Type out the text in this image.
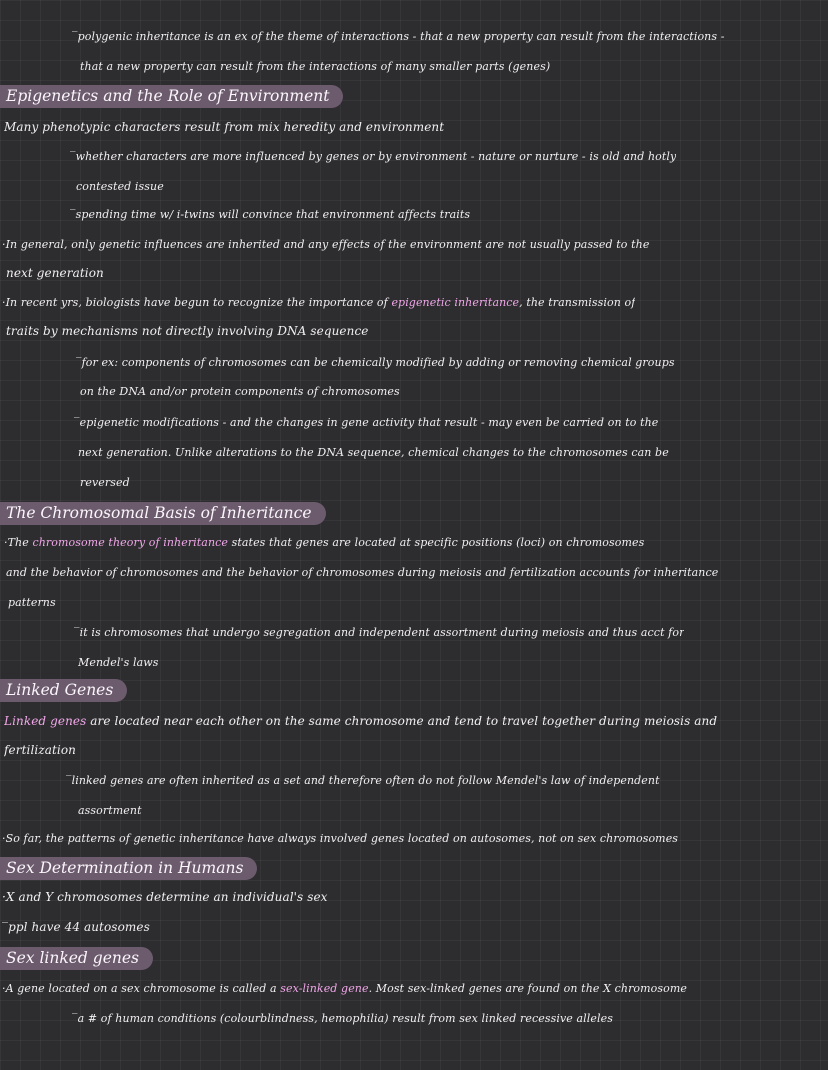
‾polygenic inheritance is an ex of the theme of interactions - that a new property can result from the interactions -
that a new property can result from the interactions of many smaller parts (genes)
Epigenetics and the Role of Environment
Many phenotypic characters result from mix heredity and environment
‾whether characters are more influenced by genes or by environment - nature or nurture - is old and hotly
contested issue
‾spending time w/ i-twins will convince that environment affects traits
·In general, only genetic influences are inherited and any effects of the environment are not usually passed to the
next generation
·In recent yrs, biologists have begun to recognize the importance of epigenetic inheritance, the transmission of
traits by mechanisms not directly involving DNA sequence
‾for ex: components of chromosomes can be chemically modified by adding or removing chemical groups
on the DNA and/or protein components of chromosomes
‾epigenetic modifications - and the changes in gene activity that result - may even be carried on to the
next generation. Unlike alterations to the DNA sequence, chemical changes to the chromosomes can be
reversed
The Chromosomal Basis of Inheritance
·The chromosome theory of inheritance states that genes are located at specific positions (loci) on chromosomes
and the behavior of chromosomes and the behavior of chromosomes during meiosis and fertilization accounts for inheritance
patterns
‾it is chromosomes that undergo segregation and independent assortment during meiosis and thus acct for
Mendel's laws
Linked Genes
Linked genes are located near each other on the same chromosome and tend to travel together during meiosis and
fertilization
‾linked genes are often inherited as a set and therefore often do not follow Mendel's law of independent
assortment
·So far, the patterns of genetic inheritance have always involved genes located on autosomes, not on sex chromosomes
Sex Determination in Humans
·X and Y chromosomes determine an individual's sex
‾ppl have 44 autosomes
Sex linked genes
·A gene located on a sex chromosome is called a sex-linked gene. Most sex-linked genes are found on the X chromosome
‾a # of human conditions (colourblindness, hemophilia) result from sex linked recessive alleles
